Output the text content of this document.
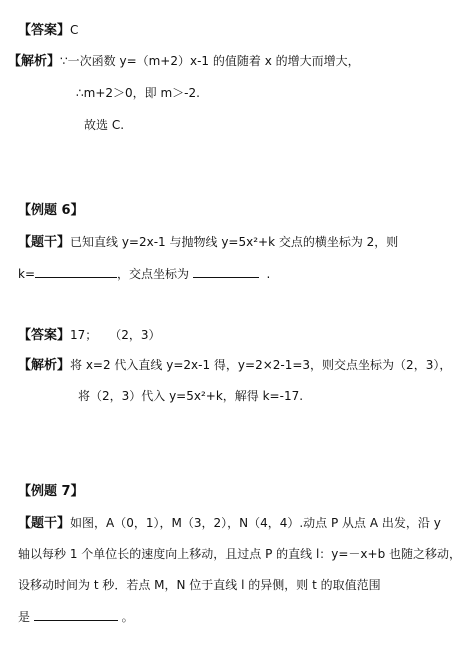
【答案】C
【解析】∵一次函数 y=（m+2）x-1 的值随着 x 的增大而增大，
∴m+2＞0，即 m＞-2.
故选 C.
【例题 6】
【题干】已知直线 y=2x-1 与抛物线 y=5x²+k 交点的横坐标为 2，则
k=	，交点坐标为	.
【答案】17；　　（2，3）
【解析】将 x=2 代入直线 y=2x-1 得，y=2×2-1=3，则交点坐标为（2，3），
将（2，3）代入 y=5x²+k，解得 k=-17.
【例题 7】
【题干】如图，A（0，1），M（3，2），N（4，4）.动点 P 从点 A 出发，沿 y
轴以每秒 1 个单位长的速度向上移动，且过点 P 的直线 l：y=－x+b 也随之移动，
设移动时间为 t 秒．若点 M，N 位于直线 l 的异侧，则 t 的取值范围
是	。
